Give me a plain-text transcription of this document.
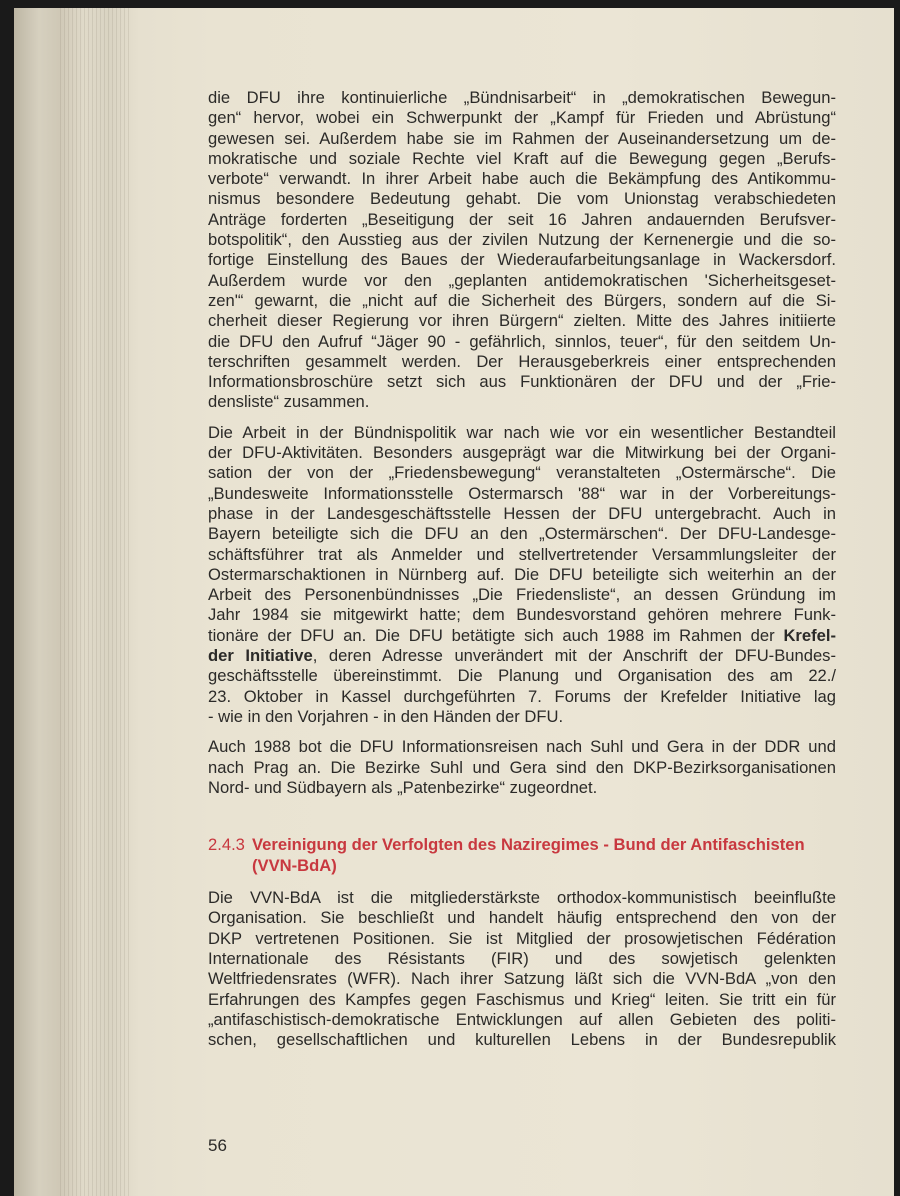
die DFU ihre kontinuierliche „Bündnisarbeit“ in „demokratischen Bewegun-
gen“ hervor, wobei ein Schwerpunkt der „Kampf für Frieden und Abrüstung“
gewesen sei. Außerdem habe sie im Rahmen der Auseinandersetzung um de-
mokratische und soziale Rechte viel Kraft auf die Bewegung gegen „Berufs-
verbote“ verwandt. In ihrer Arbeit habe auch die Bekämpfung des Antikommu-
nismus besondere Bedeutung gehabt. Die vom Unionstag verabschiedeten
Anträge forderten „Beseitigung der seit 16 Jahren andauernden Berufsver-
botspolitik“, den Ausstieg aus der zivilen Nutzung der Kernenergie und die so-
fortige Einstellung des Baues der Wiederaufarbeitungsanlage in Wackersdorf.
Außerdem wurde vor den „geplanten antidemokratischen 'Sicherheitsgeset-
zen'“ gewarnt, die „nicht auf die Sicherheit des Bürgers, sondern auf die Si-
cherheit dieser Regierung vor ihren Bürgern“ zielten. Mitte des Jahres initiierte
die DFU den Aufruf “Jäger 90 - gefährlich, sinnlos, teuer“, für den seitdem Un-
terschriften gesammelt werden. Der Herausgeberkreis einer entsprechenden
Informationsbroschüre setzt sich aus Funktionären der DFU und der „Frie-
densliste“ zusammen.
Die Arbeit in der Bündnispolitik war nach wie vor ein wesentlicher Bestandteil
der DFU-Aktivitäten. Besonders ausgeprägt war die Mitwirkung bei der Organi-
sation der von der „Friedensbewegung“ veranstalteten „Ostermärsche“. Die
„Bundesweite Informationsstelle Ostermarsch '88“ war in der Vorbereitungs-
phase in der Landesgeschäftsstelle Hessen der DFU untergebracht. Auch in
Bayern beteiligte sich die DFU an den „Ostermärschen“. Der DFU-Landesge-
schäftsführer trat als Anmelder und stellvertretender Versammlungsleiter der
Ostermarschaktionen in Nürnberg auf. Die DFU beteiligte sich weiterhin an der
Arbeit des Personenbündnisses „Die Friedensliste“, an dessen Gründung im
Jahr 1984 sie mitgewirkt hatte; dem Bundesvorstand gehören mehrere Funk-
tionäre der DFU an. Die DFU betätigte sich auch 1988 im Rahmen der Krefel-
der Initiative, deren Adresse unverändert mit der Anschrift der DFU-Bundes-
geschäftsstelle übereinstimmt. Die Planung und Organisation des am 22./
23. Oktober in Kassel durchgeführten 7. Forums der Krefelder Initiative lag
- wie in den Vorjahren - in den Händen der DFU.
Auch 1988 bot die DFU Informationsreisen nach Suhl und Gera in der DDR und
nach Prag an. Die Bezirke Suhl und Gera sind den DKP-Bezirksorganisationen
Nord- und Südbayern als „Patenbezirke“ zugeordnet.
2.4.3 Vereinigung der Verfolgten des Naziregimes - Bund der Antifaschisten
(VVN-BdA)
Die VVN-BdA ist die mitgliederstärkste orthodox-kommunistisch beeinflußte
Organisation. Sie beschließt und handelt häufig entsprechend den von der
DKP vertretenen Positionen. Sie ist Mitglied der prosowjetischen Fédération
Internationale des Résistants (FIR) und des sowjetisch gelenkten
Weltfriedensrates (WFR). Nach ihrer Satzung läßt sich die VVN-BdA „von den
Erfahrungen des Kampfes gegen Faschismus und Krieg“ leiten. Sie tritt ein für
„antifaschistisch-demokratische Entwicklungen auf allen Gebieten des politi-
schen, gesellschaftlichen und kulturellen Lebens in der Bundesrepublik
56
